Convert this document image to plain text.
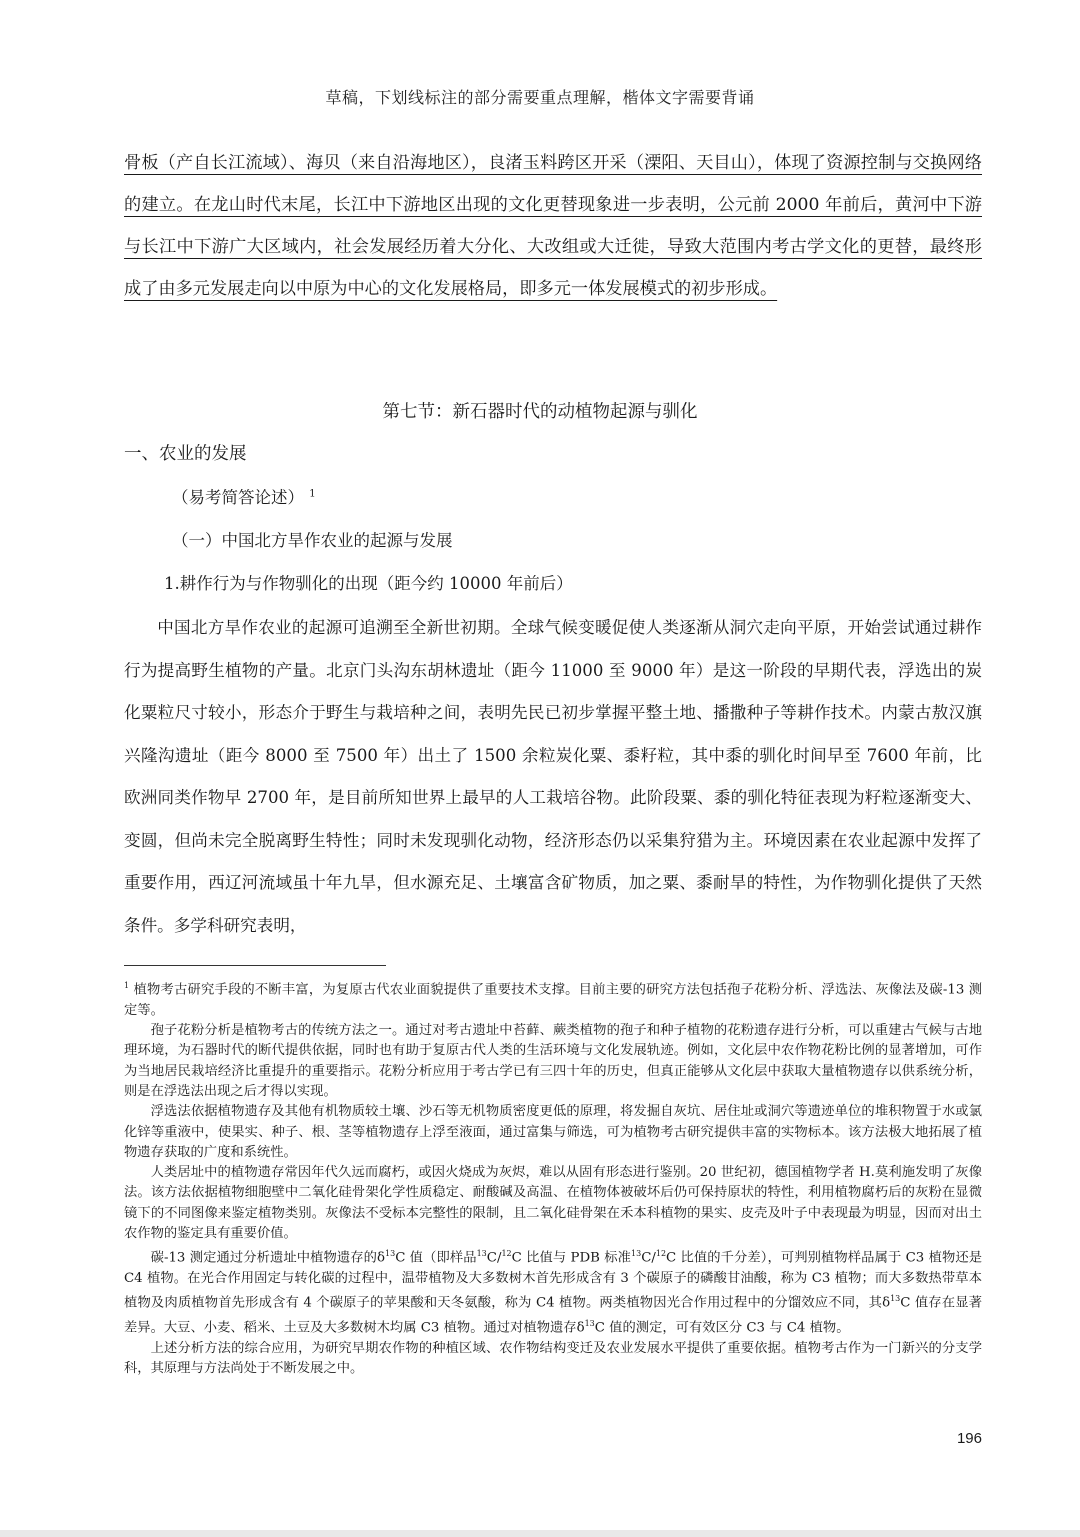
草稿，下划线标注的部分需要重点理解，楷体文字需要背诵
骨板（产自长江流域）、海贝（来自沿海地区），良渚玉料跨区开采（溧阳、天目山），体现了资源控制与交换网络的建立。在龙山时代末尾，长江中下游地区出现的文化更替现象进一步表明，公元前 2000 年前后，黄河中下游与长江中下游广大区域内，社会发展经历着大分化、大改组或大迁徙，导致大范围内考古学文化的更替，最终形成了由多元发展走向以中原为中心的文化发展格局，即多元一体发展模式的初步形成。
第七节：新石器时代的动植物起源与驯化
一、农业的发展
（易考简答论述） $^1$
（一）中国北方旱作农业的起源与发展
1.耕作行为与作物驯化的出现（距今约 10000 年前后）
中国北方旱作农业的起源可追溯至全新世初期。全球气候变暖促使人类逐渐从洞穴走向平原，开始尝试通过耕作行为提高野生植物的产量。北京门头沟东胡林遗址（距今 11000 至 9000 年）是这一阶段的早期代表，浮选出的炭化粟粒尺寸较小，形态介于野生与栽培种之间，表明先民已初步掌握平整土地、播撒种子等耕作技术。内蒙古敖汉旗兴隆沟遗址（距今 8000 至 7500 年）出土了 1500 余粒炭化粟、黍籽粒，其中黍的驯化时间早至 7600 年前，比欧洲同类作物早 2700 年，是目前所知世界上最早的人工栽培谷物。此阶段粟、黍的驯化特征表现为籽粒逐渐变大、变圆，但尚未完全脱离野生特性；同时未发现驯化动物，经济形态仍以采集狩猎为主。环境因素在农业起源中发挥了重要作用，西辽河流域虽十年九旱，但水源充足、土壤富含矿物质，加之粟、黍耐旱的特性，为作物驯化提供了天然条件。多学科研究表明，

$^1$ 植物考古研究手段的不断丰富，为复原古代农业面貌提供了重要技术支撑。目前主要的研究方法包括孢子花粉分析、浮选法、灰像法及碳-13 测定等。

孢子花粉分析是植物考古的传统方法之一。通过对考古遗址中苔藓、蕨类植物的孢子和种子植物的花粉遗存进行分析，可以重建古气候与古地理环境，为石器时代的断代提供依据，同时也有助于复原古代人类的生活环境与文化发展轨迹。例如，文化层中农作物花粉比例的显著增加，可作为当地居民栽培经济比重提升的重要指示。花粉分析应用于考古学已有三四十年的历史，但真正能够从文化层中获取大量植物遗存以供系统分析，则是在浮选法出现之后才得以实现。

浮选法依据植物遗存及其他有机物质较土壤、沙石等无机物质密度更低的原理，将发掘自灰坑、居住址或洞穴等遗迹单位的堆积物置于水或氯化锌等重液中，使果实、种子、根、茎等植物遗存上浮至液面，通过富集与筛选，可为植物考古研究提供丰富的实物标本。该方法极大地拓展了植物遗存获取的广度和系统性。

人类居址中的植物遗存常因年代久远而腐朽，或因火烧成为灰烬，难以从固有形态进行鉴别。20 世纪初，德国植物学者 H.莫利施发明了灰像法。该方法依据植物细胞壁中二氧化硅骨架化学性质稳定、耐酸碱及高温、在植物体被破坏后仍可保持原状的特性，利用植物腐朽后的灰粉在显微镜下的不同图像来鉴定植物类别。灰像法不受标本完整性的限制，且二氧化硅骨架在禾本科植物的果实、皮壳及叶子中表现最为明显，因而对出土农作物的鉴定具有重要价值。

碳-13 测定通过分析遗址中植物遗存的$\delta^{13}C$ 值（即样品$^{13}$C/$^{12}$C 比值与 PDB 标准$^{13}$C/$^{12}$C 比值的千分差），可判别植物样品属于 C3 植物还是 C4 植物。在光合作用固定与转化碳的过程中，温带植物及大多数树木首先形成含有 3 个碳原子的磷酸甘油酸，称为 C3 植物；而大多数热带草本植物及肉质植物首先形成含有 4 个碳原子的苹果酸和天冬氨酸，称为 C4 植物。两类植物因光合作用过程中的分馏效应不同，其$\delta^{13}C$ 值存在显著差异。大豆、小麦、稻米、土豆及大多数树木均属 C3 植物。通过对植物遗存$\delta^{13}C$ 值的测定，可有效区分 C3 与 C4 植物。

上述分析方法的综合应用，为研究早期农作物的种植区域、农作物结构变迁及农业发展水平提供了重要依据。植物考古作为一门新兴的分支学科，其原理与方法尚处于不断发展之中。

196
